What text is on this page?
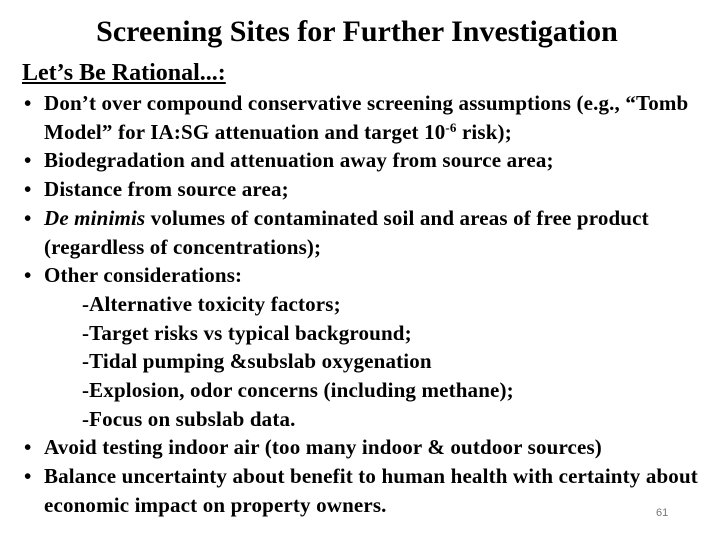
Screening Sites for Further Investigation
Let’s Be Rational...:
• Don’t over compound conservative screening assumptions (e.g., “Tomb Model” for IA:SG attenuation and target $10^{-6}$ risk);
• Biodegradation and attenuation away from source area;
• Distance from source area;
• De minimis volumes of contaminated soil and areas of free product (regardless of concentrations);
• Other considerations:
-Alternative toxicity factors;
-Target risks vs typical background;
-Tidal pumping &subslab oxygenation
-Explosion, odor concerns (including methane);
-Focus on subslab data.
• Avoid testing indoor air (too many indoor & outdoor sources)
• Balance uncertainty about benefit to human health with certainty about economic impact on property owners.	61
